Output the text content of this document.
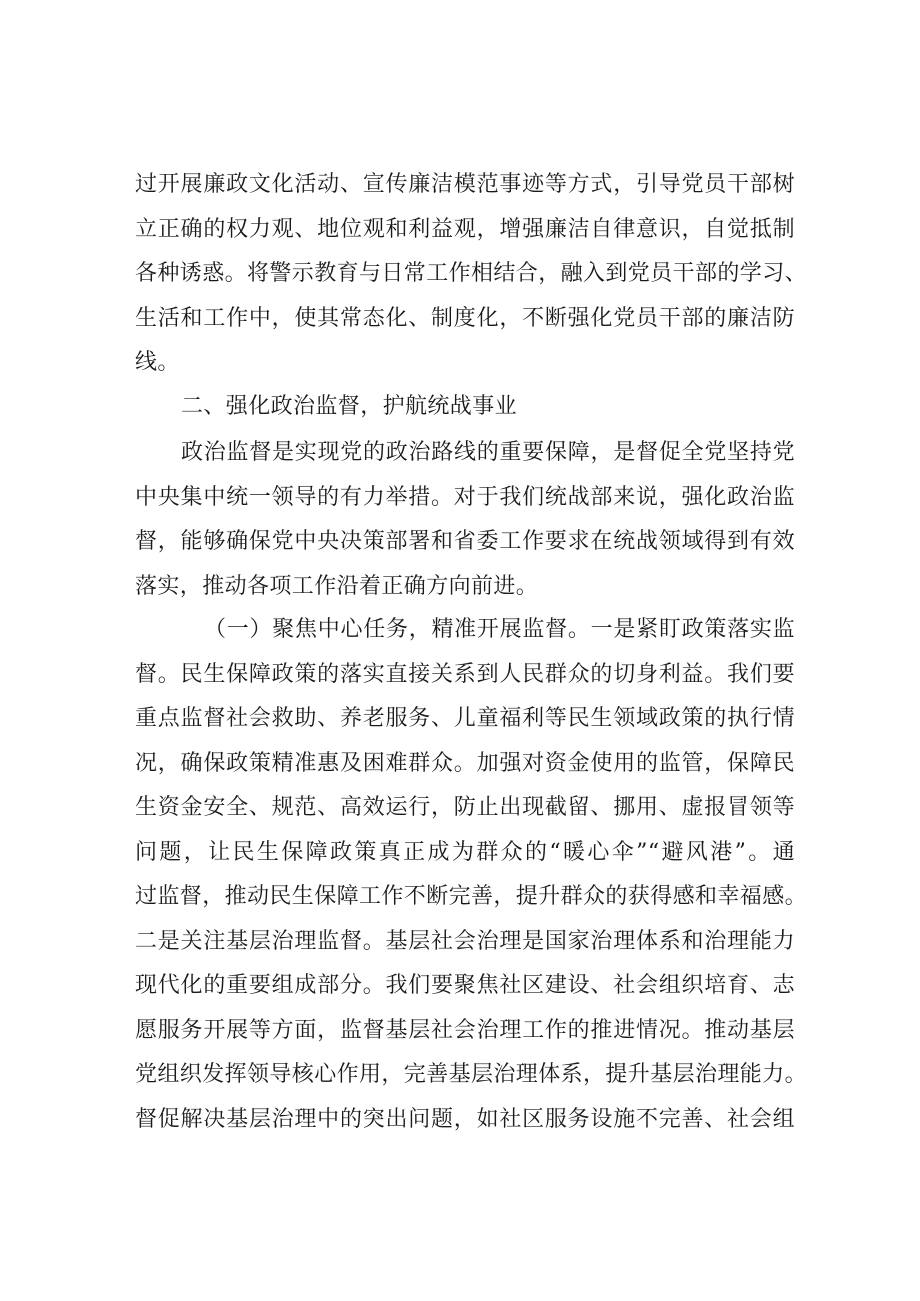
过开展廉政文化活动、宣传廉洁模范事迹等方式，引导党员干部树
立正确的权力观、地位观和利益观，增强廉洁自律意识，自觉抵制
各种诱惑。将警示教育与日常工作相结合，融入到党员干部的学习、
生活和工作中，使其常态化、制度化，不断强化党员干部的廉洁防
线。
二、强化政治监督，护航统战事业
政治监督是实现党的政治路线的重要保障，是督促全党坚持党
中央集中统一领导的有力举措。对于我们统战部来说，强化政治监
督，能够确保党中央决策部署和省委工作要求在统战领域得到有效
落实，推动各项工作沿着正确方向前进。
（一）聚焦中心任务，精准开展监督。一是紧盯政策落实监
督。民生保障政策的落实直接关系到人民群众的切身利益。我们要
重点监督社会救助、养老服务、儿童福利等民生领域政策的执行情
况，确保政策精准惠及困难群众。加强对资金使用的监管，保障民
生资金安全、规范、高效运行，防止出现截留、挪用、虚报冒领等
问题，让民生保障政策真正成为群众的“暖心伞”“避风港”。通
过监督，推动民生保障工作不断完善，提升群众的获得感和幸福感。
二是关注基层治理监督。基层社会治理是国家治理体系和治理能力
现代化的重要组成部分。我们要聚焦社区建设、社会组织培育、志
愿服务开展等方面，监督基层社会治理工作的推进情况。推动基层
党组织发挥领导核心作用，完善基层治理体系，提升基层治理能力。
督促解决基层治理中的突出问题，如社区服务设施不完善、社会组
